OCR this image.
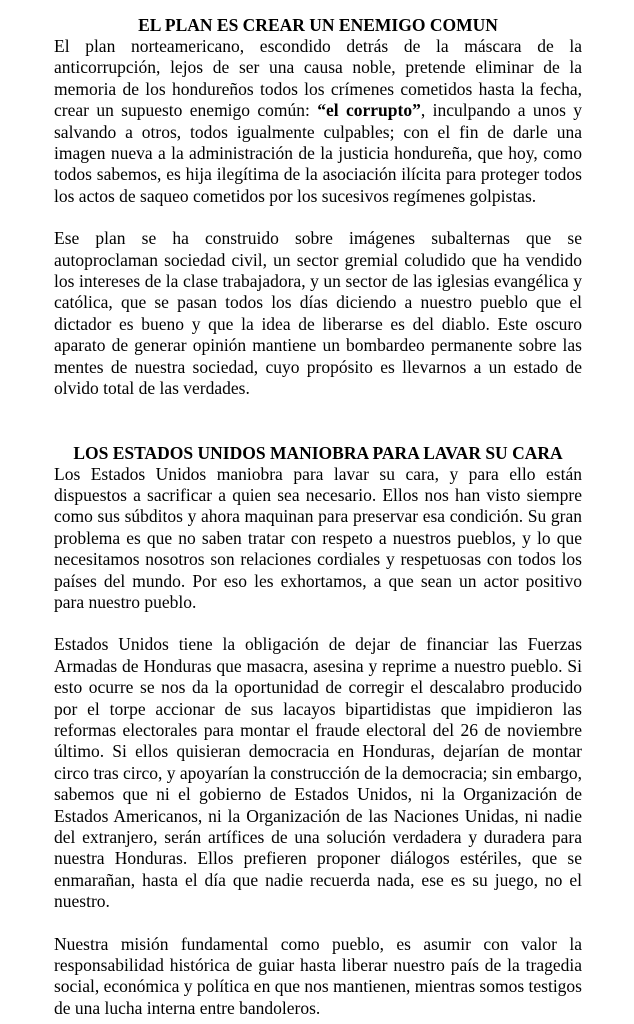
EL PLAN ES CREAR UN ENEMIGO COMUN

El plan norteamericano, escondido detrás de la máscara de la anticorrupción, lejos de ser una causa noble, pretende eliminar de la memoria de los hondureños todos los crímenes cometidos hasta la fecha, crear un supuesto enemigo común: “el corrupto”, inculpando a unos y salvando a otros, todos igualmente culpables; con el fin de darle una imagen nueva a la administración de la justicia hondureña, que hoy, como todos sabemos, es hija ilegítima de la asociación ilícita para proteger todos los actos de saqueo cometidos por los sucesivos regímenes golpistas.

Ese plan se ha construido sobre imágenes subalternas que se autoproclaman sociedad civil, un sector gremial coludido que ha vendido los intereses de la clase trabajadora, y un sector de las iglesias evangélica y católica, que se pasan todos los días diciendo a nuestro pueblo que el dictador es bueno y que la idea de liberarse es del diablo. Este oscuro aparato de generar opinión mantiene un bombardeo permanente sobre las mentes de nuestra sociedad, cuyo propósito es llevarnos a un estado de olvido total de las verdades.

LOS ESTADOS UNIDOS MANIOBRA PARA LAVAR SU CARA

Los Estados Unidos maniobra para lavar su cara, y para ello están dispuestos a sacrificar a quien sea necesario. Ellos nos han visto siempre como sus súbditos y ahora maquinan para preservar esa condición. Su gran problema es que no saben tratar con respeto a nuestros pueblos, y lo que necesitamos nosotros son relaciones cordiales y respetuosas con todos los países del mundo. Por eso les exhortamos, a que sean un actor positivo para nuestro pueblo.

Estados Unidos tiene la obligación de dejar de financiar las Fuerzas Armadas de Honduras que masacra, asesina y reprime a nuestro pueblo. Si esto ocurre se nos da la oportunidad de corregir el descalabro producido por el torpe accionar de sus lacayos bipartidistas que impidieron las reformas electorales para montar el fraude electoral del 26 de noviembre último. Si ellos quisieran democracia en Honduras, dejarían de montar circo tras circo, y apoyarían la construcción de la democracia; sin embargo, sabemos que ni el gobierno de Estados Unidos, ni la Organización de Estados Americanos, ni la Organización de las Naciones Unidas, ni nadie del extranjero, serán artífices de una solución verdadera y duradera para nuestra Honduras. Ellos prefieren proponer diálogos estériles, que se enmarañan, hasta el día que nadie recuerda nada, ese es su juego, no el nuestro.

Nuestra misión fundamental como pueblo, es asumir con valor la responsabilidad histórica de guiar hasta liberar nuestro país de la tragedia social, económica y política en que nos mantienen, mientras somos testigos de una lucha interna entre bandoleros.
